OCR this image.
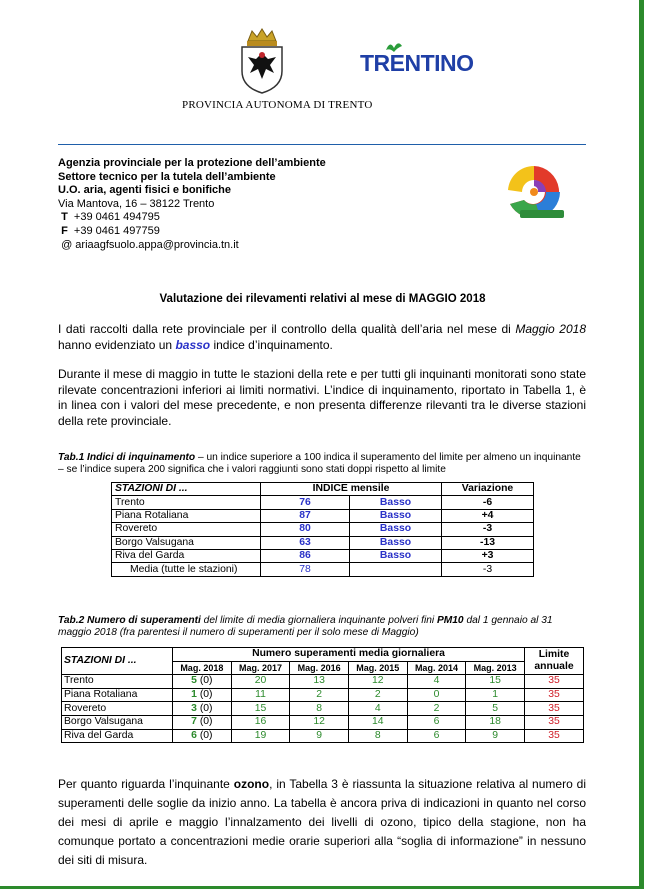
PROVINCIA AUTONOMA DI TRENTO
TRENTINO
Agenzia provinciale per la protezione dell’ambiente
Settore tecnico per la tutela dell’ambiente
U.O. aria, agenti fisici e bonifiche
Via Mantova, 16 – 38122 Trento
T +39 0461 494795
F +39 0461 497759
@ ariaagfsuolo.appa@provincia.tn.it
Valutazione dei rilevamenti relativi al mese di MAGGIO 2018
I dati raccolti dalla rete provinciale per il controllo della qualità dell’aria nel mese di Maggio 2018 hanno evidenziato un basso indice d’inquinamento.
Durante il mese di maggio in tutte le stazioni della rete e per tutti gli inquinanti monitorati sono state rilevate concentrazioni inferiori ai limiti normativi. L’indice di inquinamento, riportato in Tabella 1, è in linea con i valori del mese precedente, e non presenta differenze rilevanti tra le diverse stazioni della rete provinciale.
Tab.1 Indici di inquinamento – un indice superiore a 100 indica il superamento del limite per almeno un inquinante – se l’indice supera 200 significa che i valori raggiunti sono stati doppi rispetto al limite
STAZIONI DI ...	INDICE mensile		Variazione
Trento	76	Basso	-6
Piana Rotaliana	87	Basso	+4
Rovereto	80	Basso	-3
Borgo Valsugana	63	Basso	-13
Riva del Garda	86	Basso	+3
Media (tutte le stazioni)	78		-3
Tab.2 Numero di superamenti del limite di media giornaliera inquinante polveri fini PM10 dal 1 gennaio al 31 maggio 2018 (fra parentesi il numero di superamenti per il solo mese di Maggio)
STAZIONI DI ...	Numero superamenti media giornaliera						Limite annuale
	Mag. 2018	Mag. 2017	Mag. 2016	Mag. 2015	Mag. 2014	Mag. 2013	
Trento	5 (0)	20	13	12	4	15	35
Piana Rotaliana	1 (0)	11	2	2	0	1	35
Rovereto	3 (0)	15	8	4	2	5	35
Borgo Valsugana	7 (0)	16	12	14	6	18	35
Riva del Garda	6 (0)	19	9	8	6	9	35
Per quanto riguarda l’inquinante ozono, in Tabella 3 è riassunta la situazione relativa al numero di superamenti delle soglie da inizio anno. La tabella è ancora priva di indicazioni in quanto nel corso dei mesi di aprile e maggio l’innalzamento dei livelli di ozono, tipico della stagione, non ha comunque portato a concentrazioni medie orarie superiori alla “soglia di informazione” in nessuno dei siti di misura.
